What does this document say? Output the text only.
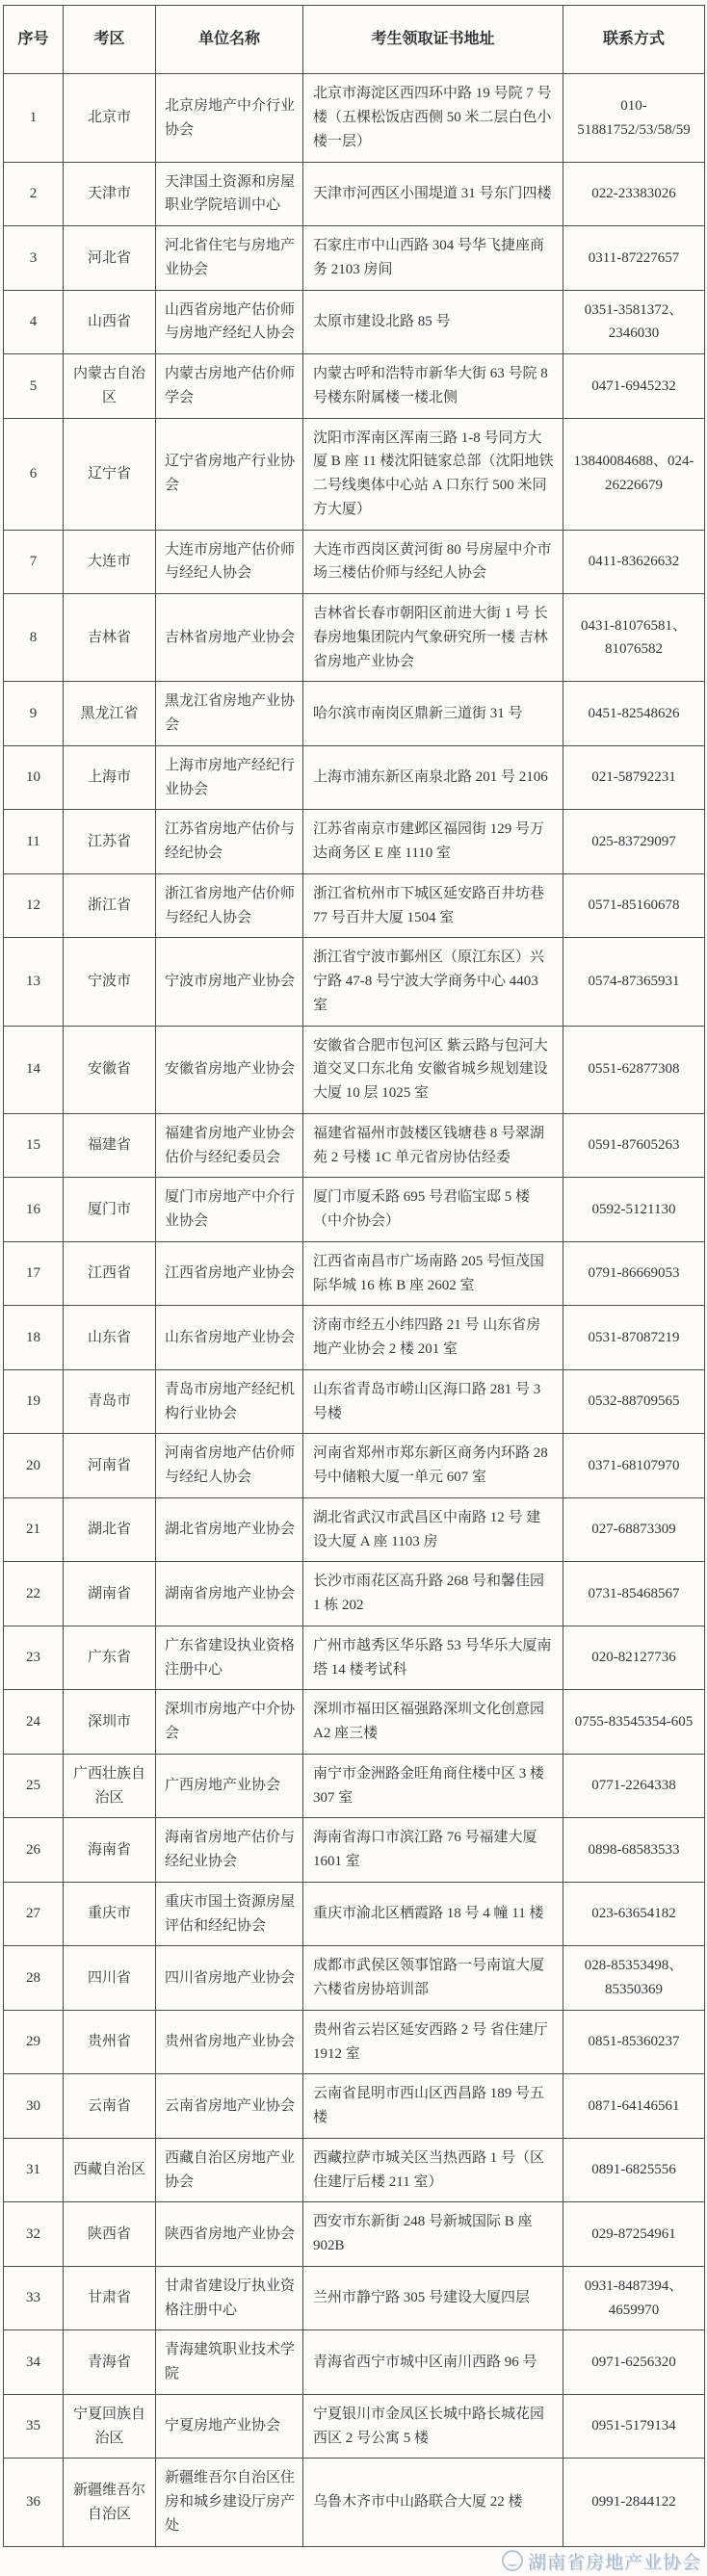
序号	考区	单位名称	考生领取证书地址	联系方式
1	北京市	北京房地产中介行业协会	北京市海淀区西四环中路 19 号院 7 号楼（五棵松饭店西侧 50 米二层白色小楼一层）	010-51881752/53/58/59
2	天津市	天津国土资源和房屋职业学院培训中心	天津市河西区小围堤道 31 号东门四楼	022-23383026
3	河北省	河北省住宅与房地产业协会	石家庄市中山西路 304 号华飞捷座商务 2103 房间	0311-87227657
4	山西省	山西省房地产估价师与房地产经纪人协会	太原市建设北路 85 号	0351-3581372、2346030
5	内蒙古自治区	内蒙古房地产估价师学会	内蒙古呼和浩特市新华大街 63 号院 8 号楼东附属楼一楼北侧	0471-6945232
6	辽宁省	辽宁省房地产行业协会	沈阳市浑南区浑南三路 1-8 号同方大厦 B 座 11 楼沈阳链家总部（沈阳地铁二号线奥体中心站 A 口东行 500 米同方大厦）	13840084688、024-26226679
7	大连市	大连市房地产估价师与经纪人协会	大连市西岗区黄河街 80 号房屋中介市场三楼估价师与经纪人协会	0411-83626632
8	吉林省	吉林省房地产业协会	吉林省长春市朝阳区前进大街 1 号 长春房地集团院内气象研究所一楼 吉林省房地产业协会	0431-81076581、81076582
9	黑龙江省	黑龙江省房地产业协会	哈尔滨市南岗区鼎新三道街 31 号	0451-82548626
10	上海市	上海市房地产经纪行业协会	上海市浦东新区南泉北路 201 号 2106	021-58792231
11	江苏省	江苏省房地产估价与经纪协会	江苏省南京市建邺区福园街 129 号万达商务区 E 座 1110 室	025-83729097
12	浙江省	浙江省房地产估价师与经纪人协会	浙江省杭州市下城区延安路百井坊巷 77 号百井大厦 1504 室	0571-85160678
13	宁波市	宁波市房地产业协会	浙江省宁波市鄞州区（原江东区）兴宁路 47-8 号宁波大学商务中心 4403 室	0574-87365931
14	安徽省	安徽省房地产业协会	安徽省合肥市包河区 紫云路与包河大道交叉口东北角 安徽省城乡规划建设大厦 10 层 1025 室	0551-62877308
15	福建省	福建省房地产业协会估价与经纪委员会	福建省福州市鼓楼区钱塘巷 8 号翠湖苑 2 号楼 1C 单元省房协估经委	0591-87605263
16	厦门市	厦门市房地产中介行业协会	厦门市厦禾路 695 号君临宝邸 5 楼（中介协会）	0592-5121130
17	江西省	江西省房地产业协会	江西省南昌市广场南路 205 号恒茂国际华城 16 栋 B 座 2602 室	0791-86669053
18	山东省	山东省房地产业协会	济南市经五小纬四路 21 号 山东省房地产业协会 2 楼 201 室	0531-87087219
19	青岛市	青岛市房地产经纪机构行业协会	山东省青岛市崂山区海口路 281 号 3 号楼	0532-88709565
20	河南省	河南省房地产估价师与经纪人协会	河南省郑州市郑东新区商务内环路 28 号中储粮大厦一单元 607 室	0371-68107970
21	湖北省	湖北省房地产业协会	湖北省武汉市武昌区中南路 12 号 建设大厦 A 座 1103 房	027-68873309
22	湖南省	湖南省房地产业协会	长沙市雨花区高升路 268 号和馨佳园 1 栋 202	0731-85468567
23	广东省	广东省建设执业资格注册中心	广州市越秀区华乐路 53 号华乐大厦南塔 14 楼考试科	020-82127736
24	深圳市	深圳市房地产中介协会	深圳市福田区福强路深圳文化创意园 A2 座三楼	0755-83545354-605
25	广西壮族自治区	广西房地产业协会	南宁市金洲路金旺角商住楼中区 3 楼 307 室	0771-2264338
26	海南省	海南省房地产估价与经纪业协会	海南省海口市滨江路 76 号福建大厦 1601 室	0898-68583533
27	重庆市	重庆市国土资源房屋评估和经纪协会	重庆市渝北区栖霞路 18 号 4 幢 11 楼	023-63654182
28	四川省	四川省房地产业协会	成都市武侯区领事馆路一号南谊大厦六楼省房协培训部	028-85353498、85350369
29	贵州省	贵州省房地产业协会	贵州省云岩区延安西路 2 号 省住建厅 1912 室	0851-85360237
30	云南省	云南省房地产业协会	云南省昆明市西山区西昌路 189 号五楼	0871-64146561
31	西藏自治区	西藏自治区房地产业协会	西藏拉萨市城关区当热西路 1 号（区住建厅后楼 211 室）	0891-6825556
32	陕西省	陕西省房地产业协会	西安市东新街 248 号新城国际 B 座 902B	029-87254961
33	甘肃省	甘肃省建设厅执业资格注册中心	兰州市静宁路 305 号建设大厦四层	0931-8487394、4659970
34	青海省	青海建筑职业技术学院	青海省西宁市城中区南川西路 96 号	0971-6256320
35	宁夏回族自治区	宁夏房地产业协会	宁夏银川市金凤区长城中路长城花园西区 2 号公寓 5 楼	0951-5179134
36	新疆维吾尔自治区	新疆维吾尔自治区住房和城乡建设厅房产处	乌鲁木齐市中山路联合大厦 22 楼	0991-2844122
湖南省房地产业协会
